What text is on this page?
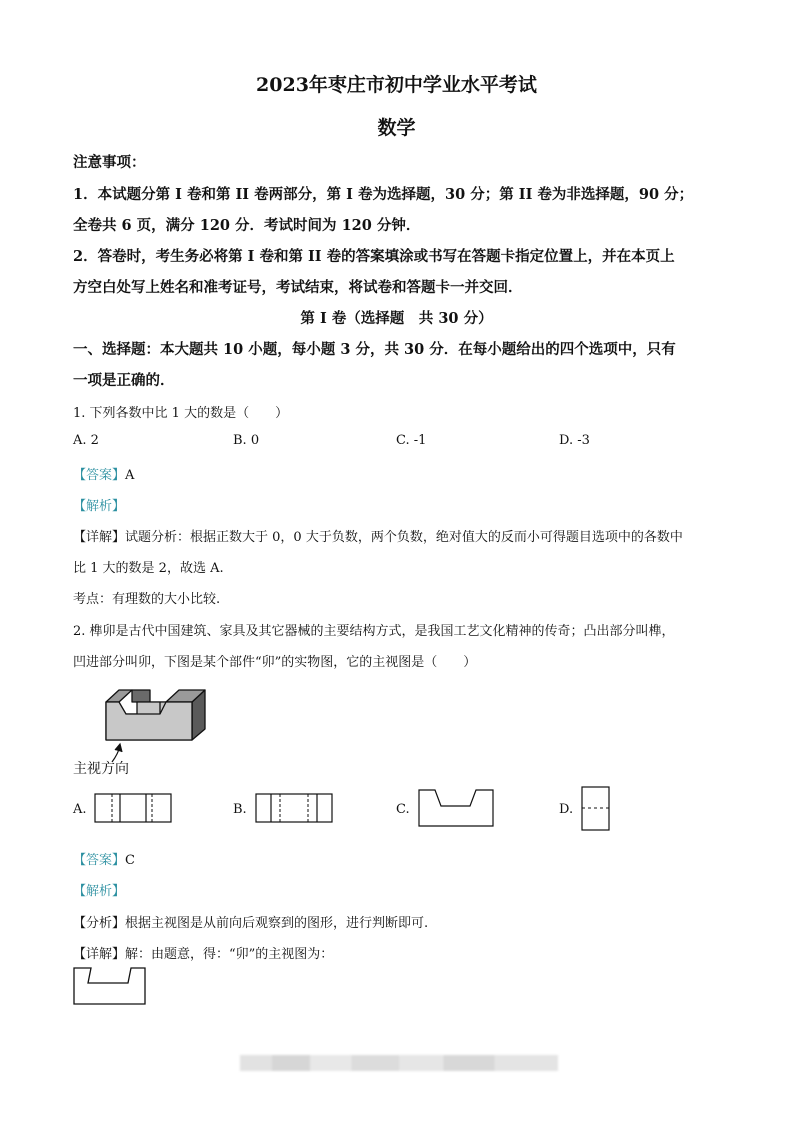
2023年枣庄市初中学业水平考试
数学
注意事项：
1．本试题分第 I 卷和第 II 卷两部分，第 I 卷为选择题，30 分；第 II 卷为非选择题，90 分；
全卷共 6 页，满分 120 分．考试时间为 120 分钟．
2．答卷时，考生务必将第 I 卷和第 II 卷的答案填涂或书写在答题卡指定位置上，并在本页上
方空白处写上姓名和准考证号，考试结束，将试卷和答题卡一并交回．
第 I 卷（选择题　共 30 分）
一、选择题：本大题共 10 小题，每小题 3 分，共 30 分．在每小题给出的四个选项中，只有
一项是正确的．
1. 下列各数中比 1 大的数是（　　）
A. 2	B. 0	C. -1	D. -3
【答案】A
【解析】
【详解】试题分析：根据正数大于 0，0 大于负数，两个负数，绝对值大的反而小可得题目选项中的各数中
比 1 大的数是 2，故选 A.
考点：有理数的大小比较.
2. 榫卯是古代中国建筑、家具及其它器械的主要结构方式，是我国工艺文化精神的传奇；凸出部分叫榫，
凹进部分叫卯，下图是某个部件“卯”的实物图，它的主视图是（　　）
主视方向
A.	B.	C.	D.
【答案】C
【解析】
【分析】根据主视图是从前向后观察到的图形，进行判断即可.
【详解】解：由题意，得：“卯”的主视图为：
